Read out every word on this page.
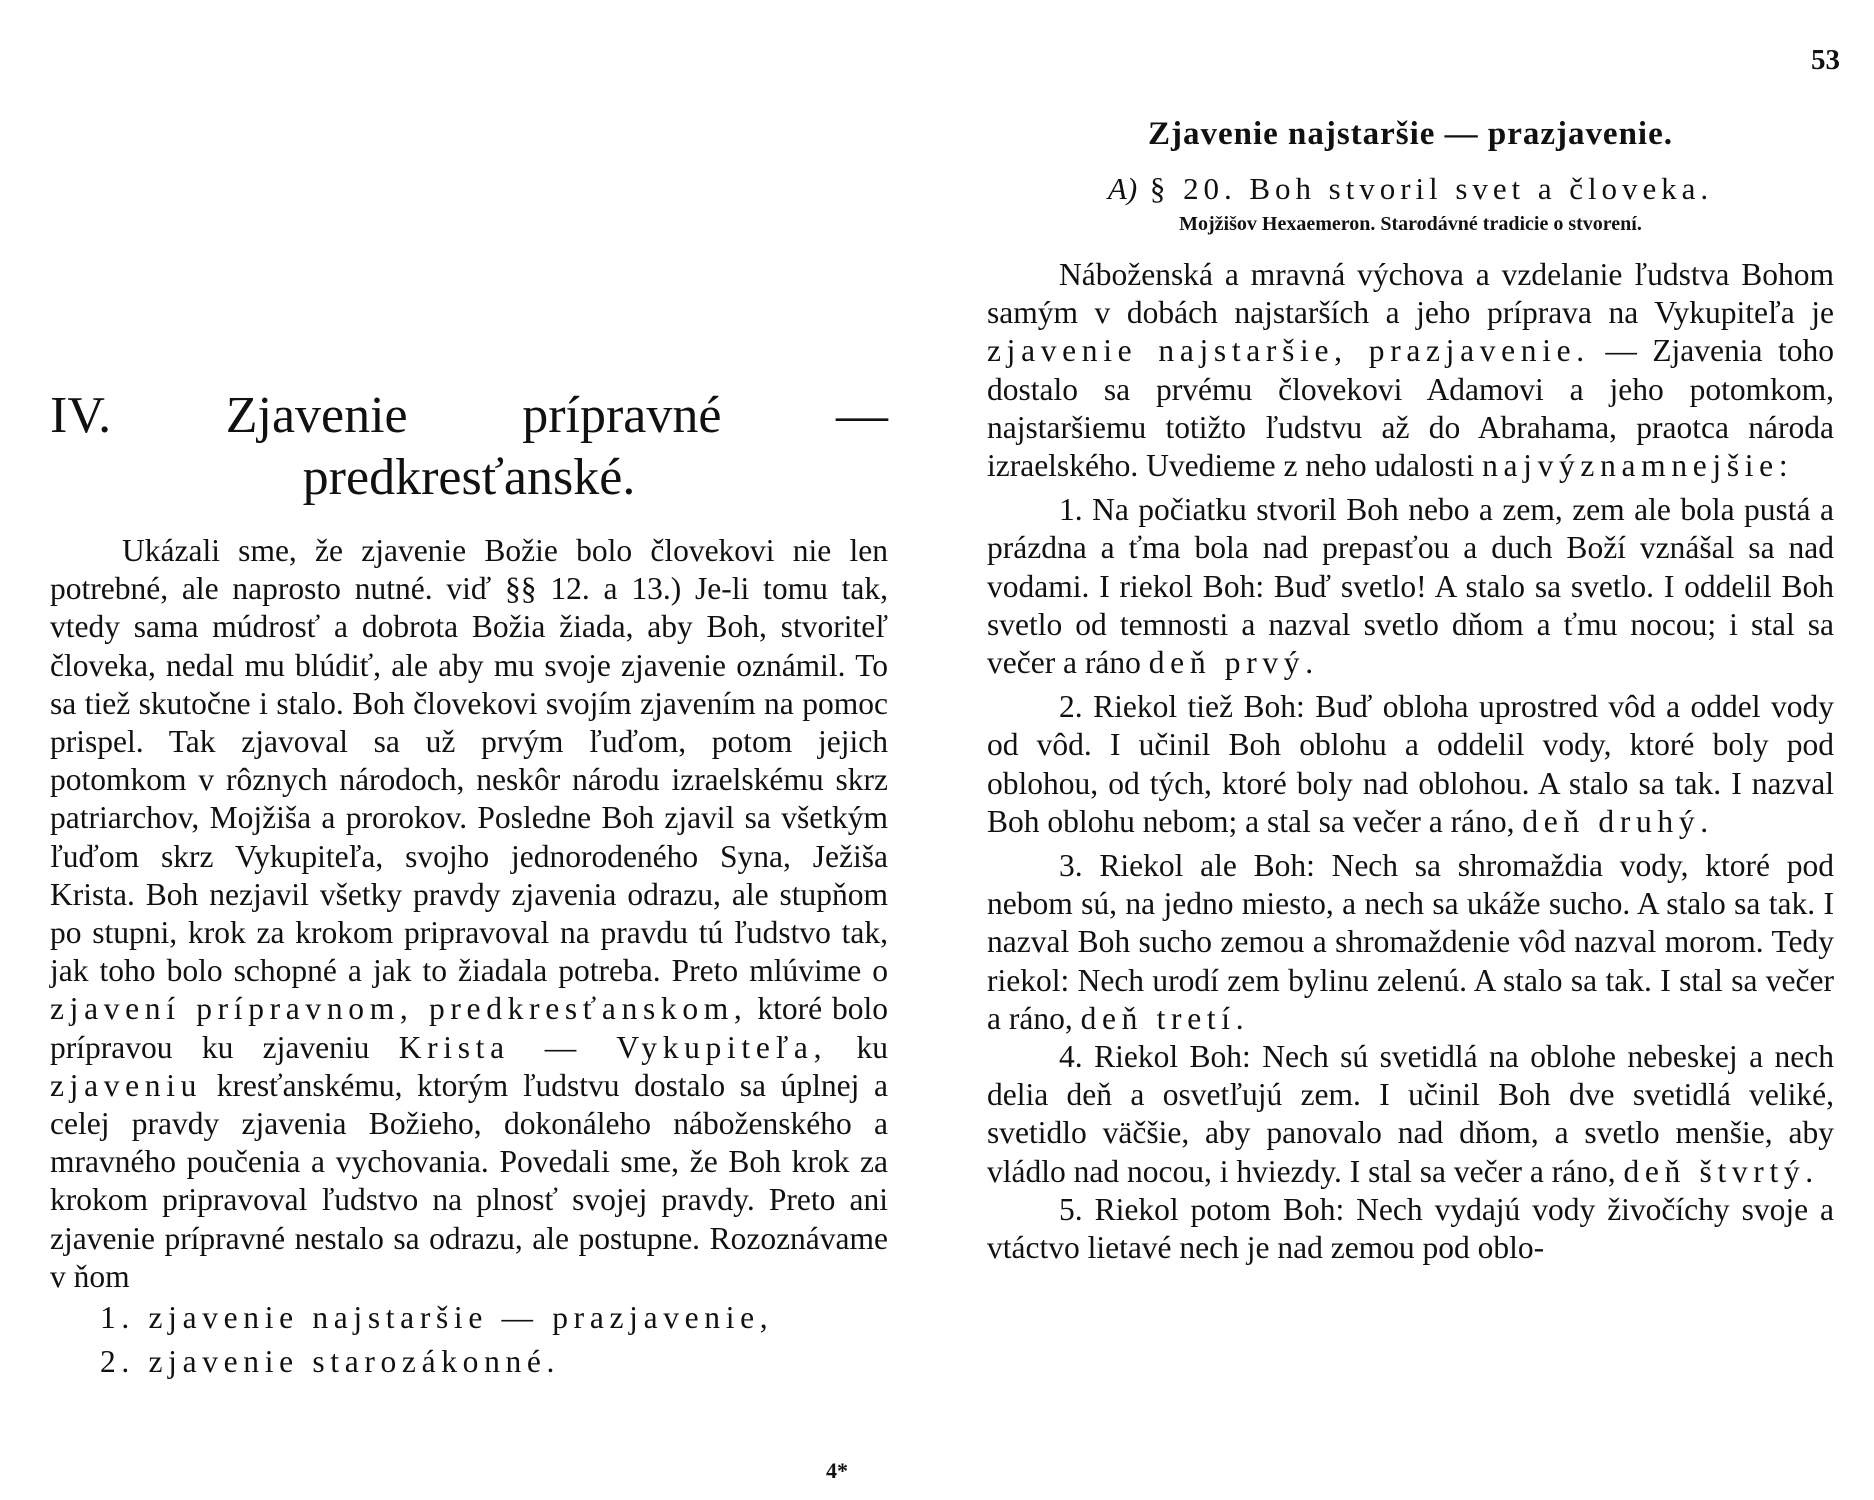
IV. Zjavenie prípravné — predkresťanské.

Ukázali sme, že zjavenie Božie bolo človekovi nie len potrebné, ale naprosto nutné. viď §§ 12. a 13.) Je-li tomu tak, vtedy sama múdrosť a dobrota Božia žiada, aby Boh, stvoriteľ človeka, nedal mu blúdiť, ale aby mu svoje zjavenie oznámil. To sa tiež skutočne i stalo. Boh človekovi svojím zjavením na pomoc prispel. Tak zjavoval sa už prvým ľuďom, potom jejich potomkom v rôznych národoch, neskôr národu izraelskému skrz patriarchov, Mojžiša a prorokov. Posledne Boh zjavil sa všetkým ľuďom skrz Vykupiteľa, svojho jednorodeného Syna, Ježiša Krista. Boh nezjavil všetky pravdy zjavenia odrazu, ale stupňom po stupni, krok za krokom pripravoval na pravdu tú ľudstvo tak, jak toho bolo schopné a jak to žiadala potreba. Preto mlúvime o zjavení prípravnom, predkresťanskom, ktoré bolo prípravou ku zjaveniu Krista — Vykupiteľa, ku zjaveniu kresťanskému, ktorým ľudstvu dostalo sa úplnej a celej pravdy zjavenia Božieho, dokonáleho náboženského a mravného poučenia a vychovania. Povedali sme, že Boh krok za krokom pripravoval ľudstvo na plnosť svojej pravdy. Preto ani zjavenie prípravné nestalo sa odrazu, ale postupne. Rozoznávame v ňom

1. zjavenie najstaršie — prazjavenie,

2. zjavenie starozákonné.

4*
53
Zjavenie najstaršie — prazjavenie.

A) § 20. Boh stvoril svet a človeka.

Mojžišov Hexaemeron. Starodávné tradicie o stvorení.

Náboženská a mravná výchova a vzdelanie ľudstva Bohom samým v dobách najstarších a jeho príprava na Vykupiteľa je zjavenie najstaršie, prazjavenie. — Zjavenia toho dostalo sa prvému človekovi Adamovi a jeho potomkom, najstaršiemu totižto ľudstvu až do Abrahama, praotca národa izraelského. Uvedieme z neho udalosti najvýznamnejšie:

1. Na počiatku stvoril Boh nebo a zem, zem ale bola pustá a prázdna a ťma bola nad prepasťou a duch Boží vznášal sa nad vodami. I riekol Boh: Buď svetlo! A stalo sa svetlo. I oddelil Boh svetlo od temnosti a nazval svetlo dňom a ťmu nocou; i stal sa večer a ráno deň prvý.

2. Riekol tiež Boh: Buď obloha uprostred vôd a oddel vody od vôd. I učinil Boh oblohu a oddelil vody, ktoré boly pod oblohou, od tých, ktoré boly nad oblohou. A stalo sa tak. I nazval Boh oblohu nebom; a stal sa večer a ráno, deň druhý.

3. Riekol ale Boh: Nech sa shromaždia vody, ktoré pod nebom sú, na jedno miesto, a nech sa ukáže sucho. A stalo sa tak. I nazval Boh sucho zemou a shromaždenie vôd nazval morom. Tedy riekol: Nech urodí zem bylinu zelenú. A stalo sa tak. I stal sa večer a ráno, deň tretí.

4. Riekol Boh: Nech sú svetidlá na oblohe nebeskej a nech delia deň a osvetľujú zem. I učinil Boh dve svetidlá veliké, svetidlo väčšie, aby panovalo nad dňom, a svetlo menšie, aby vládlo nad nocou, i hviezdy. I stal sa večer a ráno, deň štvrtý.

5. Riekol potom Boh: Nech vydajú vody živočíchy svoje a vtáctvo lietavé nech je nad zemou pod oblo-
